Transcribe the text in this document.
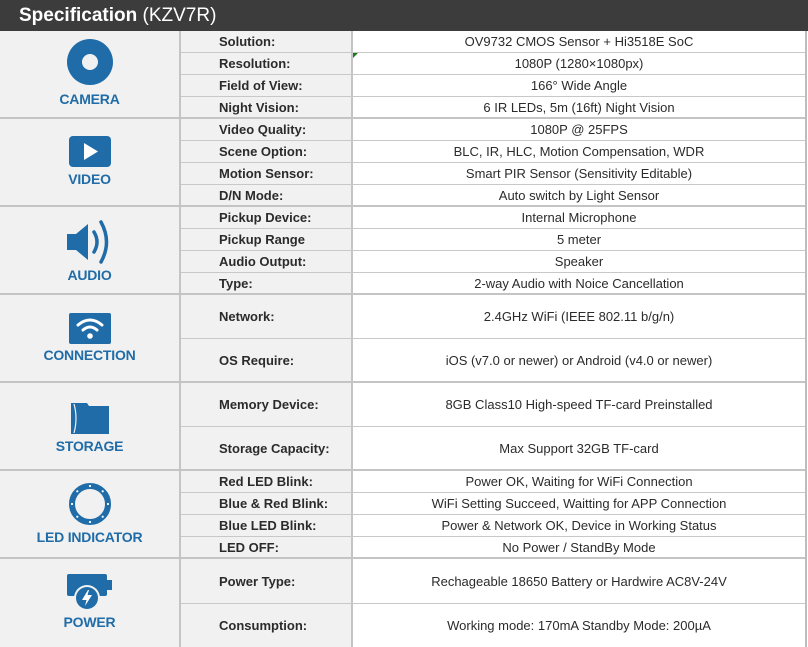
Specification (KZV7R)
CAMERA
Solution:	OV9732 CMOS Sensor + Hi3518E SoC
Resolution:	1080P (1280×1080px)
Field of View:	166° Wide Angle
Night Vision:	6 IR LEDs, 5m (16ft) Night Vision
VIDEO
Video Quality:	1080P @ 25FPS
Scene Option:	BLC, IR, HLC, Motion Compensation, WDR
Motion Sensor:	Smart PIR Sensor (Sensitivity Editable)
D/N Mode:	Auto switch by Light Sensor
AUDIO
Pickup Device:	Internal Microphone
Pickup Range	5 meter
Audio Output:	Speaker
Type:	2-way Audio with Noice Cancellation
CONNECTION
Network:	2.4GHz WiFi (IEEE 802.11 b/g/n)
OS Require:	iOS (v7.0 or newer) or Android (v4.0 or newer)
STORAGE
Memory Device:	8GB Class10 High-speed TF-card Preinstalled
Storage Capacity:	Max Support 32GB TF-card
LED INDICATOR
Red LED Blink:	Power OK, Waiting for WiFi Connection
Blue & Red Blink:	WiFi Setting Succeed, Waitting for APP Connection
Blue LED Blink:	Power & Network OK, Device in Working Status
LED OFF:	No Power / StandBy Mode
POWER
Power Type:	Rechageable 18650 Battery or Hardwire AC8V-24V
Consumption:	Working mode: 170mA Standby Mode: 200µA
